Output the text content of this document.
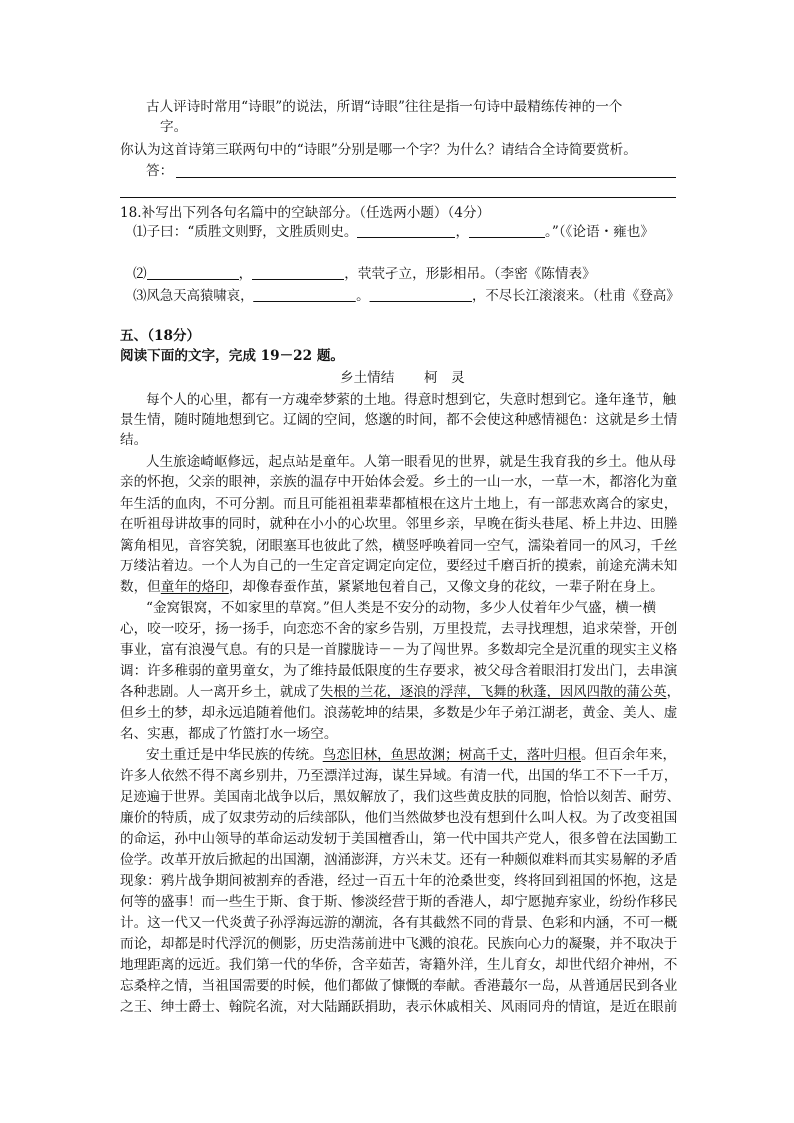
古人评诗时常用“诗眼”的说法，所谓“诗眼”往往是指一句诗中最精练传神的一个
字。
你认为这首诗第三联两句中的“诗眼”分别是哪一个字？为什么？请结合全诗简要赏析。
答：
18.补写出下列各句名篇中的空缺部分。（任选两小题）（4分）
⑴子曰：“质胜文则野，文胜质则史。	，	。”（《论语・雍也》
⑵	，	，茕茕孑立，形影相吊。（李密《陈情表》
⑶风急天高猿啸哀，	。	，不尽长江滚滚来。（杜甫《登高》
五、（18分）
阅读下面的文字，完成 19－22 题。
乡土情结 柯　灵
每个人的心里，都有一方魂牵梦萦的土地。得意时想到它，失意时想到它。逢年逢节，触
景生情，随时随地想到它。辽阔的空间，悠邈的时间，都不会使这种感情褪色：这就是乡土情
结。
人生旅途崎岖修远，起点站是童年。人第一眼看见的世界，就是生我育我的乡土。他从母
亲的怀抱，父亲的眼神，亲族的温存中开始体会爱。乡土的一山一水，一草一木，都溶化为童
年生活的血肉，不可分割。而且可能祖祖辈辈都植根在这片土地上，有一部悲欢离合的家史，
在听祖母讲故事的同时，就种在小小的心坎里。邻里乡亲，早晚在街头巷尾、桥上井边、田塍
篱角相见，音容笑貌，闭眼塞耳也彼此了然，横竖呼唤着同一空气，濡染着同一的风习，千丝
万缕沾着边。一个人为自己的一生定音定调定向定位，要经过千磨百折的摸索，前途充满未知
数，但童年的烙印，却像春蚕作茧，紧紧地包着自己，又像文身的花纹，一辈子附在身上。
“金窝银窝，不如家里的草窝。”但人类是不安分的动物，多少人仗着年少气盛，横一横
心，咬一咬牙，扬一扬手，向恋恋不舍的家乡告别，万里投荒，去寻找理想，追求荣誉，开创
事业，富有浪漫气息。有的只是一首朦胧诗－－为了闯世界。多数却完全是沉重的现实主义格
调：许多稚弱的童男童女，为了维持最低限度的生存要求，被父母含着眼泪打发出门，去串演
各种悲剧。人一离开乡土，就成了失根的兰花，逐浪的浮萍，飞舞的秋蓬，因风四散的蒲公英，
但乡土的梦，却永远追随着他们。浪荡乾坤的结果，多数是少年子弟江湖老，黄金、美人、虚
名、实惠，都成了竹篮打水一场空。
安土重迁是中华民族的传统。鸟恋旧林，鱼思故渊；树高千丈，落叶归根。但百余年来，
许多人依然不得不离乡别井，乃至漂洋过海，谋生异域。有清一代，出国的华工不下一千万，
足迹遍于世界。美国南北战争以后，黑奴解放了，我们这些黄皮肤的同胞，恰恰以刻苦、耐劳、
廉价的特质，成了奴隶劳动的后续部队，他们当然做梦也没有想到什么叫人权。为了改变祖国
的命运，孙中山领导的革命运动发轫于美国檀香山，第一代中国共产党人，很多曾在法国勤工
俭学。改革开放后掀起的出国潮，汹涌澎湃，方兴未艾。还有一种颇似难料而其实易解的矛盾
现象：鸦片战争期间被割弃的香港，经过一百五十年的沧桑世变，终将回到祖国的怀抱，这是
何等的盛事！而一些生于斯、食于斯、惨淡经营于斯的香港人，却宁愿抛弃家业，纷纷作移民
计。这一代又一代炎黄子孙浮海远游的潮流，各有其截然不同的背景、色彩和内涵，不可一概
而论，却都是时代浮沉的侧影，历史浩荡前进中飞溅的浪花。民族向心力的凝聚，并不取决于
地理距离的远近。我们第一代的华侨，含辛茹苦，寄籍外洋，生儿育女，却世代绍介神州，不
忘桑梓之情，当祖国需要的时候，他们都做了慷慨的奉献。香港蕞尔一岛，从普通居民到各业
之王、绅士爵士、翰院名流，对大陆踊跃捐助，表示休戚相关、风雨同舟的情谊，是近在眼前
